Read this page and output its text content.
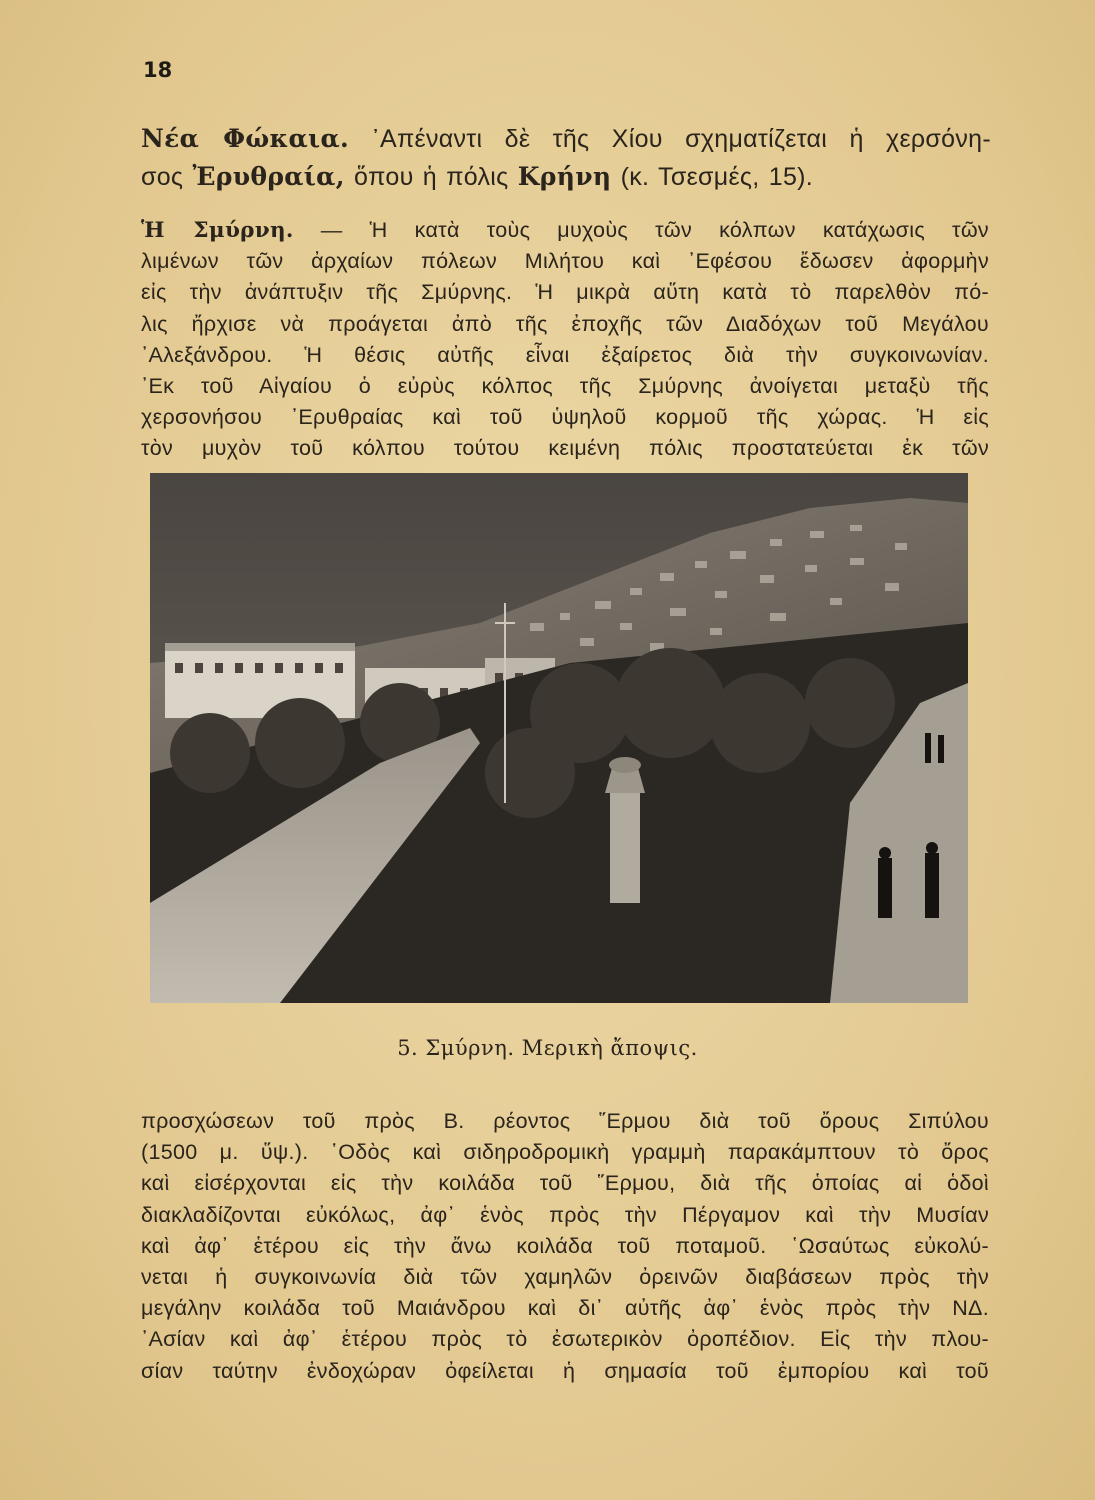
18
Νέα Φώκαια. ᾿Απέναντι δὲ τῆς Χίου σχηματίζεται ἡ χερσόνη-
σος Ἐρυθραία, ὅπου ἡ πόλις Κρήνη (κ. Τσεσμές, 15).
Ἡ Σμύρνη. — Ἡ κατὰ τοὺς μυχοὺς τῶν κόλπων κατάχωσις τῶν
λιμένων τῶν ἀρχαίων πόλεων Μιλήτου καὶ ᾿Εφέσου ἔδωσεν ἀφορμὴν
εἰς τὴν ἀνάπτυξιν τῆς Σμύρνης. Ἡ μικρὰ αὕτη κατὰ τὸ παρελθὸν πό-
λις ἤρχισε νὰ προάγεται ἀπὸ τῆς ἐποχῆς τῶν Διαδόχων τοῦ Μεγάλου
᾿Αλεξάνδρου. Ἡ θέσις αὐτῆς εἶναι ἐξαίρετος διὰ τὴν συγκοινωνίαν.
᾿Εκ τοῦ Αἰγαίου ὁ εὐρὺς κόλπος τῆς Σμύρνης ἀνοίγεται μεταξὺ τῆς
χερσονήσου ᾿Ερυθραίας καὶ τοῦ ὑψηλοῦ κορμοῦ τῆς χώρας. Ἡ εἰς
τὸν μυχὸν τοῦ κόλπου τούτου κειμένη πόλις προστατεύεται ἐκ τῶν
5. Σμύρνη. Μερικὴ ἄποψις.
προσχώσεων τοῦ πρὸς Β. ρέοντος ῞Ερμου διὰ τοῦ ὄρους Σιπύλου
(1500 μ. ὕψ.). ῾Οδὸς καὶ σιδηροδρομικὴ γραμμὴ παρακάμπτουν τὸ ὄρος
καὶ εἰσέρχονται εἰς τὴν κοιλάδα τοῦ ῞Ερμου, διὰ τῆς ὁποίας αἱ ὁδοὶ
διακλαδίζονται εὐκόλως, ἀφ᾿ ἑνὸς πρὸς τὴν Πέργαμον καὶ τὴν Μυσίαν
καὶ ἀφ᾿ ἑτέρου εἰς τὴν ἄνω κοιλάδα τοῦ ποταμοῦ. ῾Ωσαύτως εὐκολύ-
νεται ἡ συγκοινωνία διὰ τῶν χαμηλῶν ὀρεινῶν διαβάσεων πρὸς τὴν
μεγάλην κοιλάδα τοῦ Μαιάνδρου καὶ δι᾿ αὐτῆς ἀφ᾿ ἑνὸς πρὸς τὴν ΝΔ.
᾿Ασίαν καὶ ἀφ᾿ ἑτέρου πρὸς τὸ ἐσωτερικὸν ὀροπέδιον. Εἰς τὴν πλου-
σίαν ταύτην ἐνδοχώραν ὀφείλεται ἡ σημασία τοῦ ἐμπορίου καὶ τοῦ
